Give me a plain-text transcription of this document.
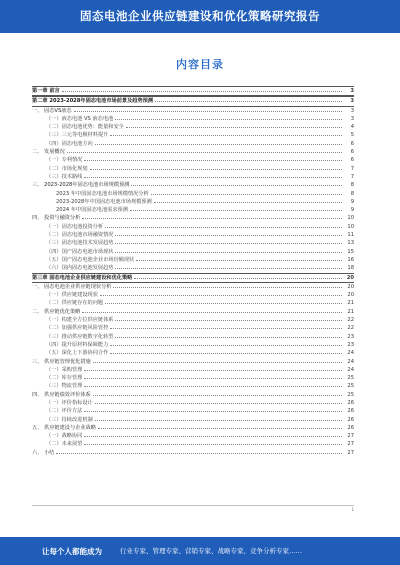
固态电池企业供应链建设和优化策略研究报告
内容目录
第一章 前言	3
第二章 2023-2028年固态电池市场前景及趋势预测	3
一、 固态VS液态	3
（一）液态电池 VS 液态电池	3
（二）固态电池优势：能量和安全	4
（三）三元等电极材料提升	5
（四）固态电池方向	6
二、 发展概况	6
（一）专利情况	6
（二）市场化规划	7
（三）技术路线	7
三、 2023-2028年固态电池市场规模预测	8
2023 年中国固态电池市场规模情况分析	8
2023-2028年中国固态电池市场规模预测	9
2024 年中国固态电池需求预测	9
四、 投资与融资分析	10
（一）固态电池投资分析	10
（二）固态电池市场融资情况	11
（三）固态电池技术发展趋势	13
（四）国产固态电池市场现状	15
（五）国产固态电池企业市场份额现状	16
（六）国内固态电池发展趋势	18
第三章 固态电池企业供应链建设和优化策略	20
一、 固态电池企业供应链现状分析	20
（一）供应链建设现状	20
（二）供应链存在的问题	21
二、 供应链优化策略	21
（一）构建全方位供应链体系	22
（二）加强供应链风险管控	22
（三）推动供应链数字化转型	23
（四）提升原材料保障能力	23
（五）深化上下游协同合作	24
三、 供应链管理优化措施	24
（一）采购管理	24
（二）库存管理	25
（三）物流管理	25
四、 供应链绩效评价体系	25
（一）评价指标设计	26
（二）评价方法	26
（三）持续改进机制	26
五、 供应链建设与企业战略	26
（一）战略协同	27
（二）未来展望	27
六、 小结	27
1
让每个人都能成为	行业专家、管理专家、营销专家、战略专家、竞争分析专家……
